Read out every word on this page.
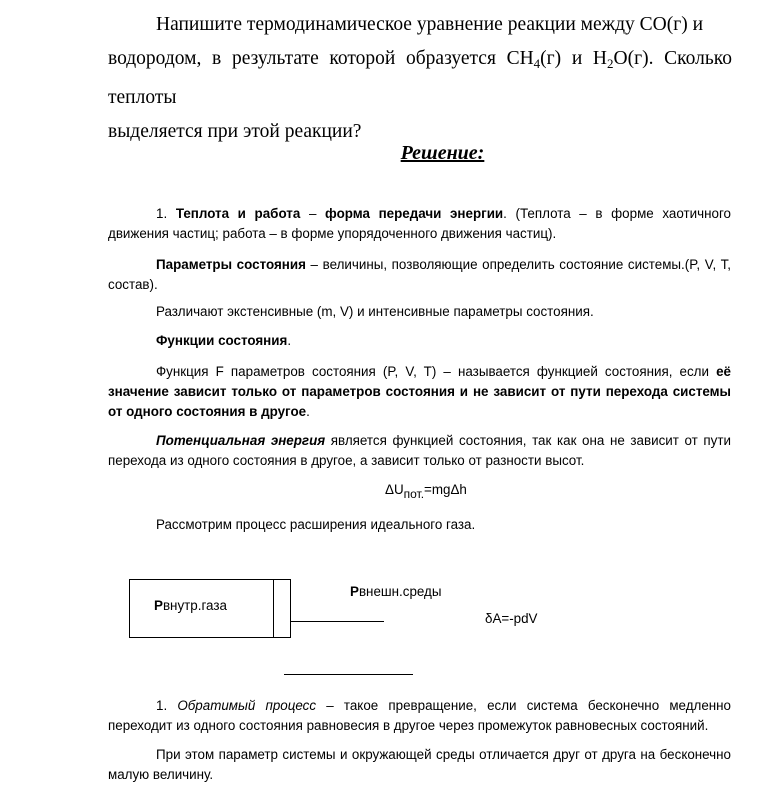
Напишите термодинамическое уравнение реакции между CO(г) и
водородом, в результате которой образуется $CH_4(г)$ и $H_2O(г)$. Сколько теплоты
выделяется при этой реакции?
Решение:
1. Теплота и работа – форма передачи энергии. (Теплота – в форме хаотичного движения частиц; работа – в форме упорядоченного движения частиц).
Параметры состояния – величины, позволяющие определить состояние системы.(P, V, T, состав).
Различают экстенсивные (m, V) и интенсивные параметры состояния.
Функции состояния.
Функция F параметров состояния (P, V, T) – называется функцией состояния, если её значение зависит только от параметров состояния и не зависит от пути перехода системы от одного состояния в другое.
Потенциальная энергия является функцией состояния, так как она не зависит от пути перехода из одного состояния в другое, а зависит только от разности высот.
ΔUпот.=mgΔh
Рассмотрим процесс расширения идеального газа.
Pвнутр.газа
Pвнешн.среды
δA=-pdV
1. Обратимый процесс – такое превращение, если система бесконечно медленно переходит из одного состояния равновесия в другое через промежуток равновесных состояний.
При этом параметр системы и окружающей среды отличается друг от друга на бесконечно малую величину.
